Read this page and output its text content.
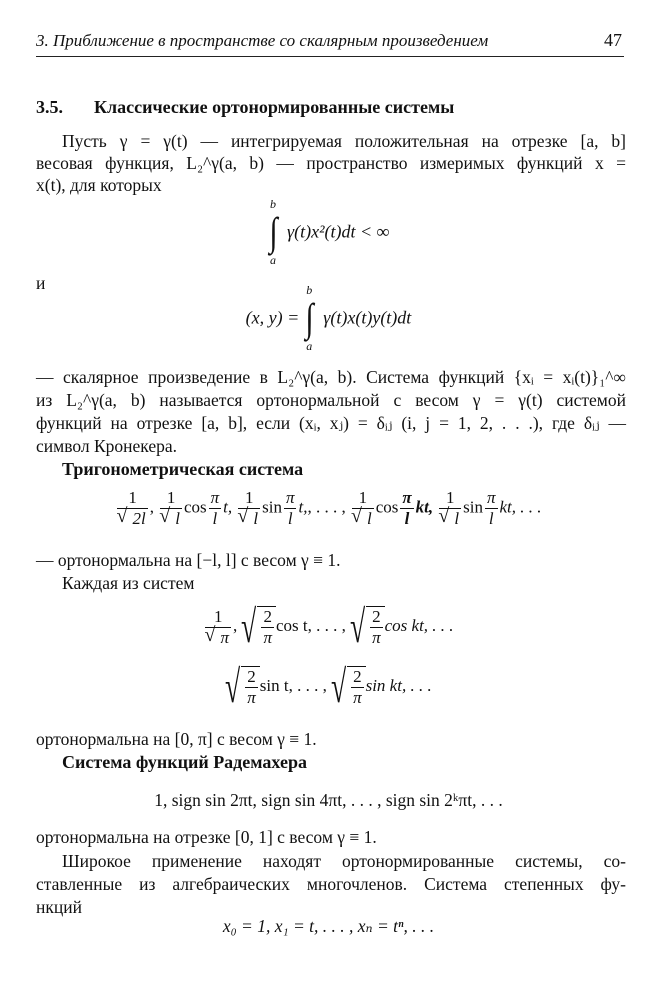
3. Приближение в пространстве со скалярным произведением	47
3.5. Классические ортонормированные системы
Пусть γ = γ(t) — интегрируемая положительная на отрезке [a, b]
весовая функция, L₂^γ(a, b) — пространство измеримых функций x =
x(t), для которых
b
∫
a
γ(t)x²(t)dt < ∞
и
(x, y) =
b
∫
a
γ(t)x(t)y(t)dt
— скалярное произведение в L₂^γ(a, b). Система функций {xᵢ = xᵢ(t)}₁^∞
из L₂^γ(a, b) называется ортонормальной с весом γ = γ(t) системой
функций на отрезке [a, b], если (xᵢ, xⱼ) = δᵢⱼ (i, j = 1, 2, . . .), где δᵢⱼ —
символ Кронекера.
Тригонометрическая система
1
√ 2l , 1
√ l $\cos \frac{\pi}{l} t$, 1
√ l $\sin \frac{\pi}{l} t$,, . . . , 1
√ l $\cos \frac{\pi}{l}$ kt, 1
√ l $\sin \frac{\pi}{l}$ kt, . . .
— ортонормальна на [−l, l] с весом γ ≡ 1.
Каждая из систем
1
√ π , √ $\frac{2}{\pi}$ cos t, . . . , √ $\frac{2}{\pi}$ cos kt, . . .
√ $\frac{2}{\pi}$ sin t, . . . , √ $\frac{2}{\pi}$ sin kt, . . .
ортонормальна на [0, π] с весом γ ≡ 1.
Система функций Радемахера
1, sign sin 2πt, sign sin 4πt, . . . , sign sin 2ᵏπt, . . .
ортонормальна на отрезке [0, 1] с весом γ ≡ 1.
Широкое применение находят ортонормированные системы, со-
ставленные из алгебраических многочленов. Система степенных фу-
нкций
x₀ = 1, x₁ = t, . . . , xₙ = tⁿ, . . .
